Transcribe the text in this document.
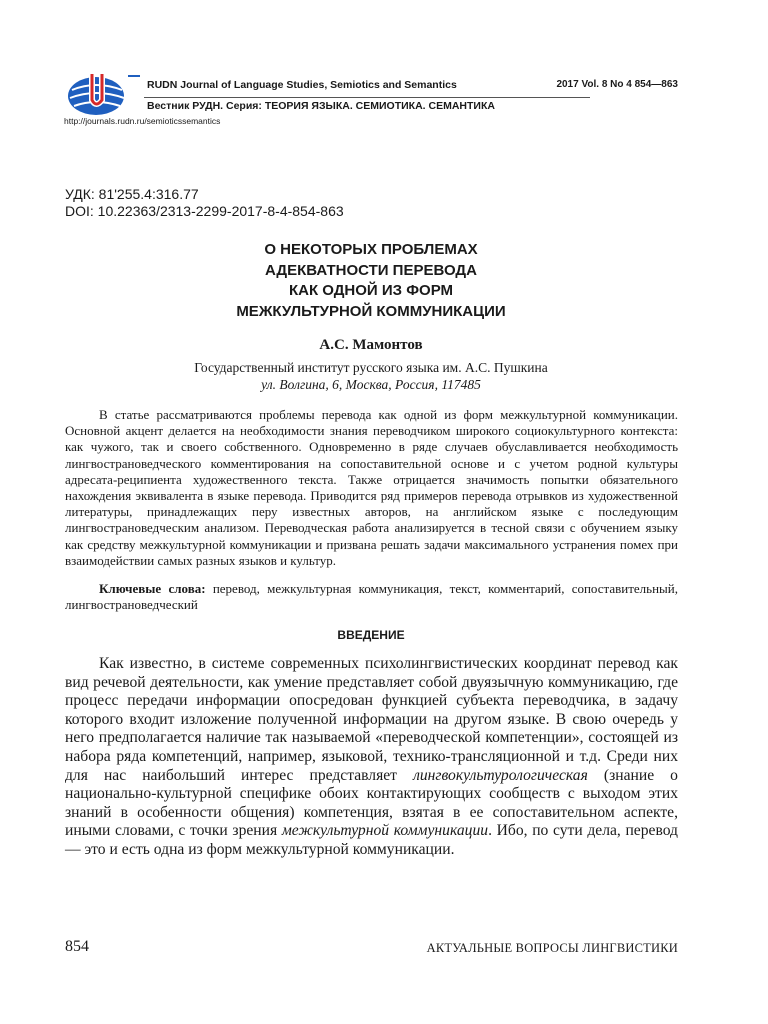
RUDN Journal of Language Studies, Semiotics and Semantics	2017 Vol. 8 No 4 854—863
Вестник РУДН. Серия: ТЕОРИЯ ЯЗЫКА. СЕМИОТИКА. СЕМАНТИКА
http://journals.rudn.ru/semioticssemantics
УДК: 81'255.4:316.77
DOI: 10.22363/2313-2299-2017-8-4-854-863
О НЕКОТОРЫХ ПРОБЛЕМАХ
АДЕКВАТНОСТИ ПЕРЕВОДА
КАК ОДНОЙ ИЗ ФОРМ
МЕЖКУЛЬТУРНОЙ КОММУНИКАЦИИ
А.С. Мамонтов
Государственный институт русского языка им. А.С. Пушкина
ул. Волгина, 6, Москва, Россия, 117485

В статье рассматриваются проблемы перевода как одной из форм межкультурной коммуникации. Основной акцент делается на необходимости знания переводчиком широкого социокультурного контекста: как чужого, так и своего собственного. Одновременно в ряде случаев обуславливается необходимость лингвострановедческого комментирования на сопоставительной основе и с учетом родной культуры адресата-реципиента художественного текста. Также отрицается значимость попытки обязательного нахождения эквивалента в языке перевода. Приводится ряд примеров перевода отрывков из художественной литературы, принадлежащих перу известных авторов, на английском языке с последующим лингвострановедческим анализом. Переводческая работа анализируется в тесной связи с обучением языку как средству межкультурной коммуникации и призвана решать задачи максимального устранения помех при взаимодействии самых разных языков и культур.

Ключевые слова: перевод, межкультурная коммуникация, текст, комментарий, сопоставительный, лингвострановедческий

ВВЕДЕНИЕ

Как известно, в системе современных психолингвистических координат перевод как вид речевой деятельности, как умение представляет собой двуязычную коммуникацию, где процесс передачи информации опосредован функцией субъекта переводчика, в задачу которого входит изложение полученной информации на другом языке. В свою очередь у него предполагается наличие так называемой «переводческой компетенции», состоящей из набора ряда компетенций, например, языковой, технико-трансляционной и т.д. Среди них для нас наибольший интерес представляет лингвокультурологическая (знание о национально-культурной специфике обоих контактирующих сообществ с выходом этих знаний в особенности общения) компетенция, взятая в ее сопоставительном аспекте, иными словами, с точки зрения межкультурной коммуникации. Ибо, по сути дела, перевод — это и есть одна из форм межкультурной коммуникации.

854	АКТУАЛЬНЫЕ ВОПРОСЫ ЛИНГВИСТИКИ
